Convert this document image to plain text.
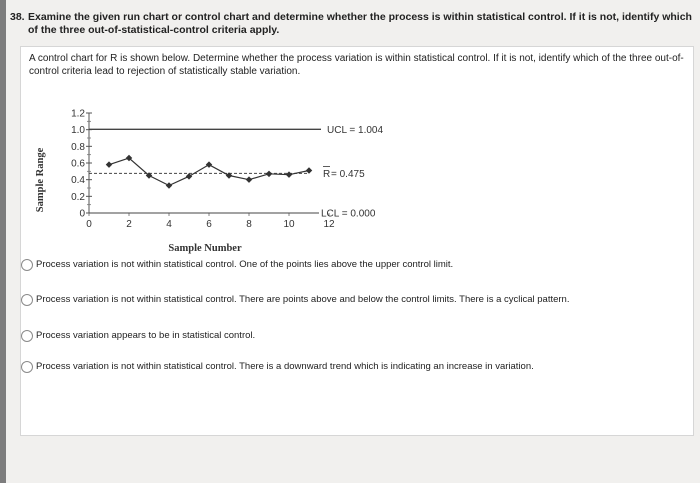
38. Examine the given run chart or control chart and determine whether the process is within statistical control. If it is not, identify which of the three out-of-statistical-control criteria apply.
A control chart for R is shown below. Determine whether the process variation is within statistical control. If it is not, identify which of the three out-of-control criteria lead to rejection of statistically stable variation.
0
0.2
0.4
0.6
0.8
1.0
1.2
0	2	4	6	8	10	12
UCL = 1.004
R = 0.475
LCL = 0.000
Sample Range
Sample Number
Process variation is not within statistical control. One of the points lies above the upper control limit.
Process variation is not within statistical control. There are points above and below the control limits. There is a cyclical pattern.
Process variation appears to be in statistical control.
Process variation is not within statistical control. There is a downward trend which is indicating an increase in variation.
